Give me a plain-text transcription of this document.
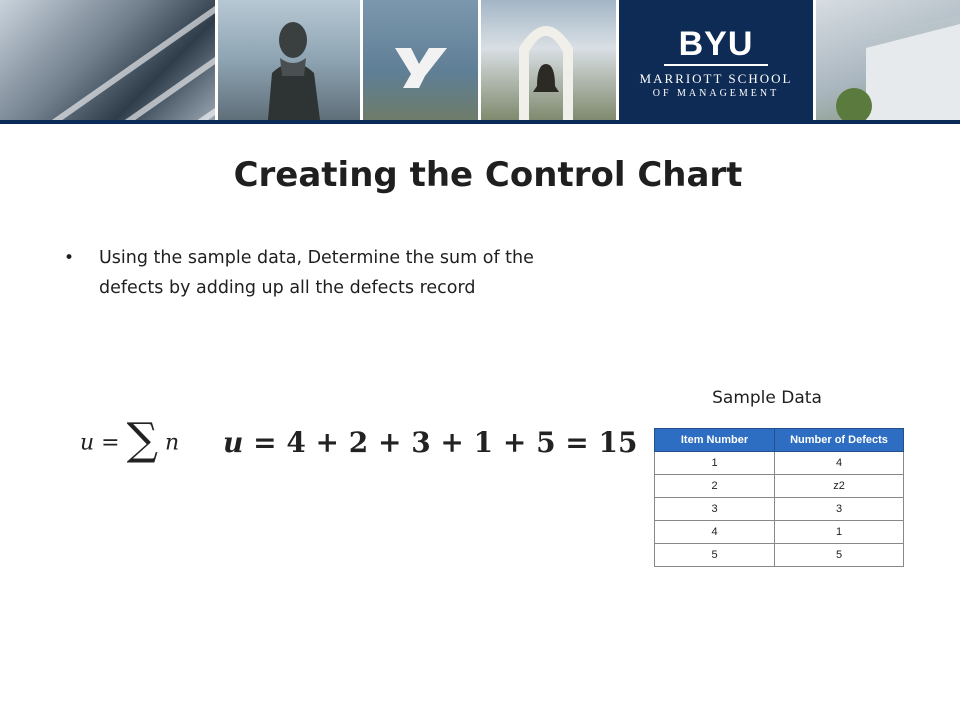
BYU
MARRIOTT SCHOOL
OF MANAGEMENT
Creating the Control Chart
• Using the sample data, Determine the sum of the defects by adding up all the defects record
u = ∑ n u = 4 + 2 + 3 + 1 + 5 = 15
Sample Data
Item Number	Number of Defects
1	4
2	z2
3	3
4	1
5	5
